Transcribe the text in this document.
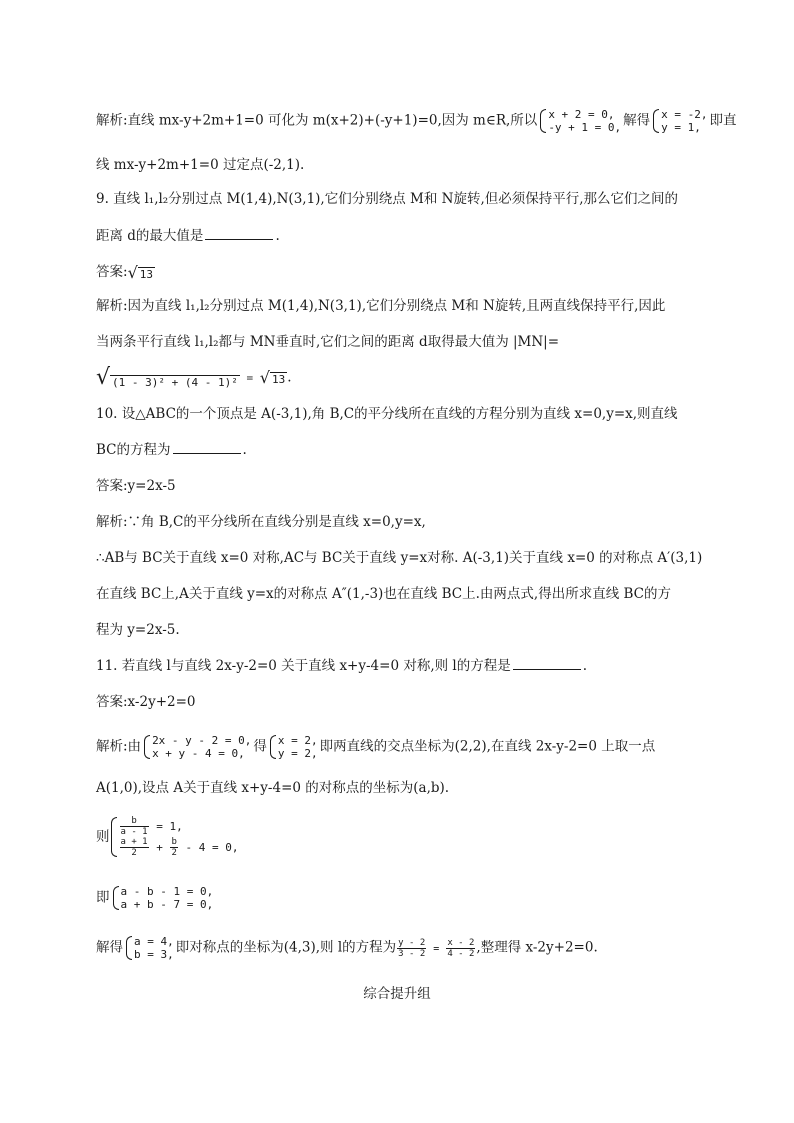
解析:直线 mx-y+2m+1=0 可化为 m(x+2)+(-y+1)=0,因为 m∈R,所以 x + 2 = 0,
-y + 1 = 0, 解得 x = -2,
y = 1, 即直
线 mx-y+2m+1=0 过定点(-2,1).
9. 直线 l₁,l₂分别过点 M(1,4),N(3,1),它们分别绕点 M和 N旋转,但必须保持平行,那么它们之间的
距离 d的最大值是	.
答案: √ 13
解析:因为直线 l₁,l₂分别过点 M(1,4),N(3,1),它们分别绕点 M和 N旋转,且两直线保持平行,因此
当两条平行直线 l₁,l₂都与 MN垂直时,它们之间的距离 d取得最大值为 |MN|=
√ (1 - 3)² + (4 - 1)² = √ 13 .
10. 设△ABC的一个顶点是 A(-3,1),角 B,C的平分线所在直线的方程分别为直线 x=0,y=x,则直线
BC的方程为	.
答案:y=2x-5
解析:∵角 B,C的平分线所在直线分别是直线 x=0,y=x,
∴AB与 BC关于直线 x=0 对称,AC与 BC关于直线 y=x对称. A(-3,1)关于直线 x=0 的对称点 A′(3,1)
在直线 BC上,A关于直线 y=x的对称点 A″(1,-3)也在直线 BC上.由两点式,得出所求直线 BC的方
程为 y=2x-5.
11. 若直线 l与直线 2x-y-2=0 关于直线 x+y-4=0 对称,则 l的方程是	.
答案:x-2y+2=0
解析:由 2x - y - 2 = 0,
x + y - 4 = 0, 得 x = 2,
y = 2, 即两直线的交点坐标为(2,2),在直线 2x-y-2=0 上取一点
A(1,0),设点 A关于直线 x+y-4=0 的对称点的坐标为(a,b).
则 $\frac{b}{a - 1} = 1$,
$\frac{a + 1}{2} + \frac{b}{2} - 4 = 0$,
即 a - b - 1 = 0,
a + b - 7 = 0,
解得 a = 4,
b = 3, 即对称点的坐标为(4,3),则 l的方程为 $\frac{y - 2}{3 - 2} = \frac{x - 2}{4 - 2}$ ,整理得 x-2y+2=0.
综合提升组
